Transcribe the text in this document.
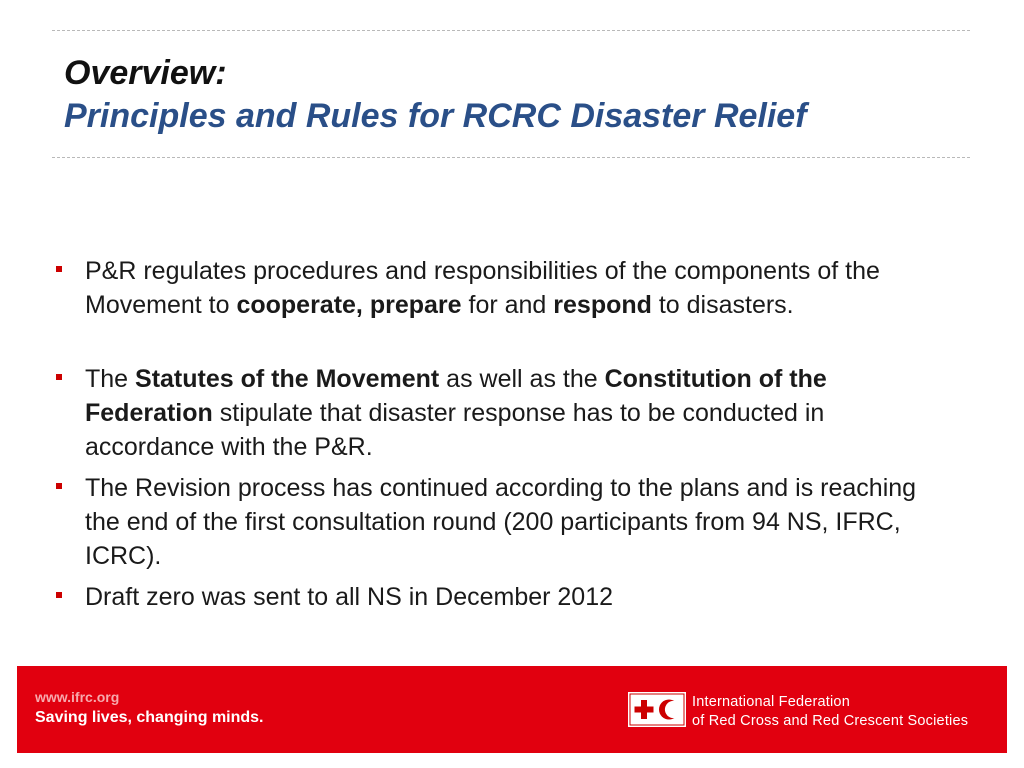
Overview:

Principles and Rules for RCRC Disaster Relief

P&R regulates procedures and responsibilities of the components of the Movement to cooperate, prepare for and respond to disasters.
The Statutes of the Movement as well as the Constitution of the Federation stipulate that disaster response has to be conducted in accordance with the P&R.
The Revision process has continued according to the plans and is reaching the end of the first consultation round (200 participants from 94 NS, IFRC, ICRC).
Draft zero was sent to all NS in December 2012
www.ifrc.org
Saving lives, changing minds.
International Federation
of Red Cross and Red Crescent Societies
